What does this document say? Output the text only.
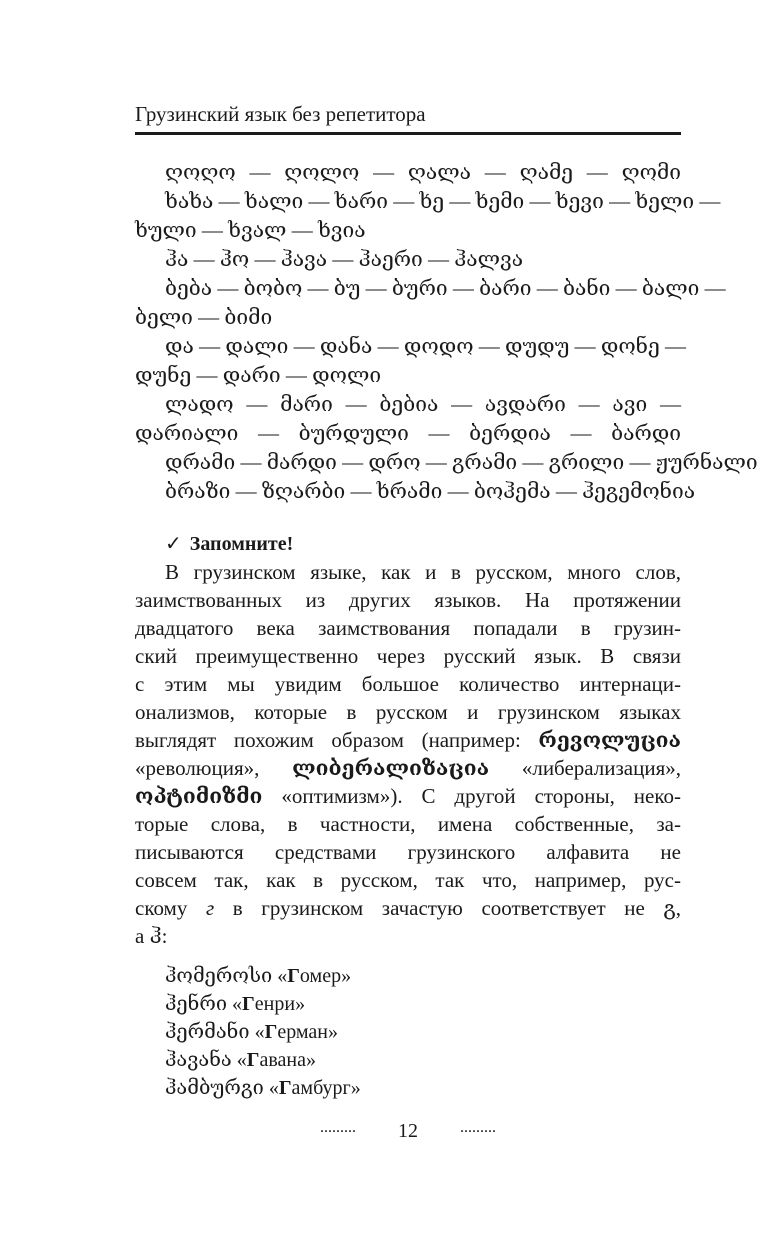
Грузинский язык без репетитора
ღოღო — ღოლო — ღალა — ღამე — ღომი
ხახა — ხალი — ხარი — ხე — ხემი — ხევი — ხელი —
ხული — ხვალ — ხვია
ჰა — ჰო — ჰავა — ჰაერი — ჰალვა
ბება — ბობო — ბუ — ბური — ბარი — ბანი — ბალი —
ბელი — ბიმი
და — დალი — დანა — დოდო — დუდუ — დონე —
დუნე — დარი — დოლი
ლადო — მარი — ბებია — ავდარი — ავი —
დარიალი — ბურდული — ბერდია — ბარდი
დრამი — მარდი — დრო — გრამი — გრილი — ჟურნალი
ბრაზი — ზღარბი — ხრამი — ბოჰემა — ჰეგემონია
✓ Запомните!
В грузинском языке, как и в русском, много слов,
заимствованных из других языков. На протяжении
двадцатого века заимствования попадали в грузин-
ский преимущественно через русский язык. В связи
с этим мы увидим большое количество интернаци-
онализмов, которые в русском и грузинском языках
выглядят похожим образом (например: რევოლუცია
«революция», ლიბერალიზაცია «либерализация»,
ოპტიმიზმი «оптимизм»). С другой стороны, неко-
торые слова, в частности, имена собственные, за-
писываются средствами грузинского алфавита не
совсем так, как в русском, так что, например, рус-
скому г в грузинском зачастую соответствует не გ,
а ჰ:
ჰომეროსი «Гомер»
ჰენრი «Генри»
ჰერმანი «Герман»
ჰავანა «Гавана»
ჰამბურგი «Гамбург»
········· 12	·········
